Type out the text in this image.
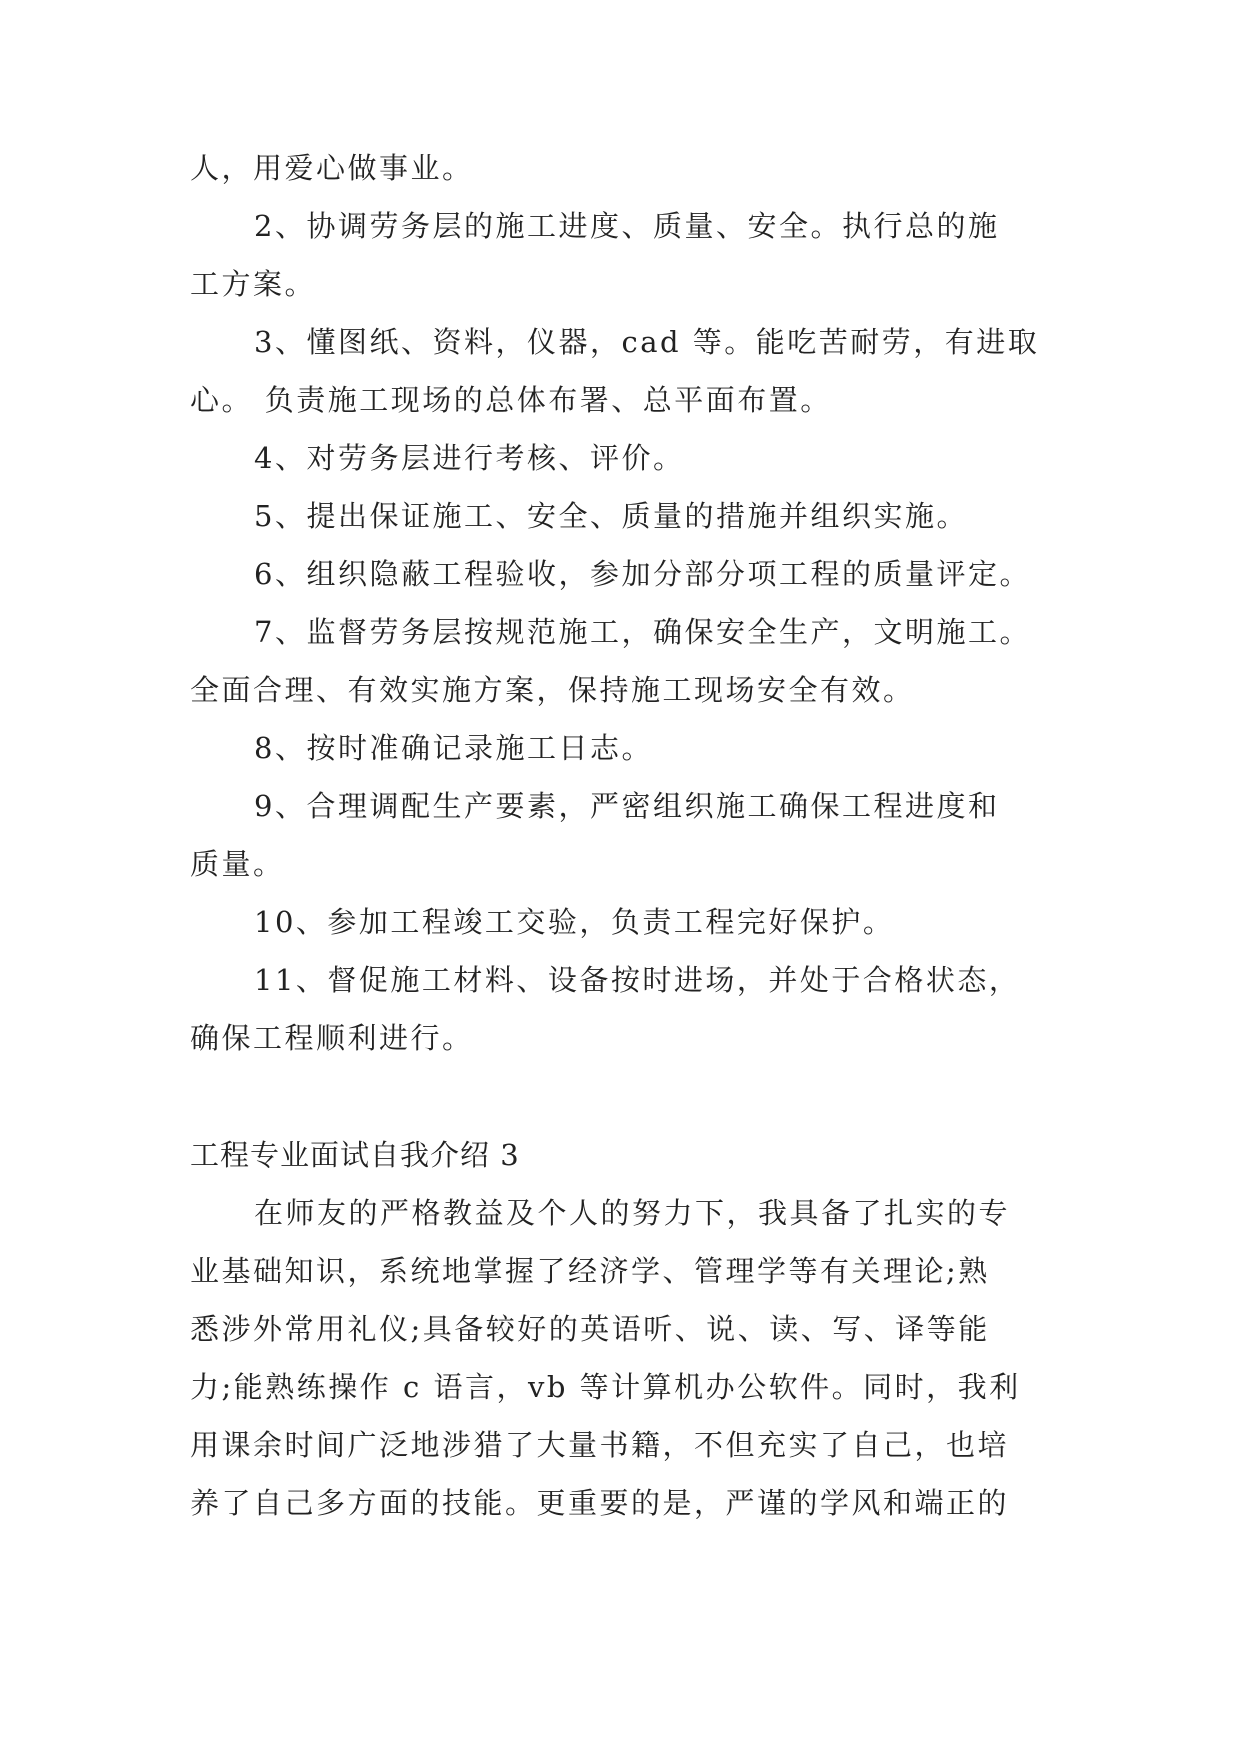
人，用爱心做事业。

2、协调劳务层的施工进度、质量、安全。执行总的施

工方案。

3、懂图纸、资料，仪器，cad 等。能吃苦耐劳，有进取

心。 负责施工现场的总体布署、总平面布置。

4、对劳务层进行考核、评价。

5、提出保证施工、安全、质量的措施并组织实施。

6、组织隐蔽工程验收，参加分部分项工程的质量评定。

7、监督劳务层按规范施工，确保安全生产，文明施工。

全面合理、有效实施方案，保持施工现场安全有效。

8、按时准确记录施工日志。

9、合理调配生产要素，严密组织施工确保工程进度和

质量。

10、参加工程竣工交验，负责工程完好保护。

11、督促施工材料、设备按时进场，并处于合格状态，

确保工程顺利进行。

工程专业面试自我介绍 3

在师友的严格教益及个人的努力下，我具备了扎实的专

业基础知识，系统地掌握了经济学、管理学等有关理论;熟

悉涉外常用礼仪;具备较好的英语听、说、读、写、译等能

力;能熟练操作 c 语言，vb 等计算机办公软件。同时，我利

用课余时间广泛地涉猎了大量书籍，不但充实了自己，也培

养了自己多方面的技能。更重要的是，严谨的学风和端正的
